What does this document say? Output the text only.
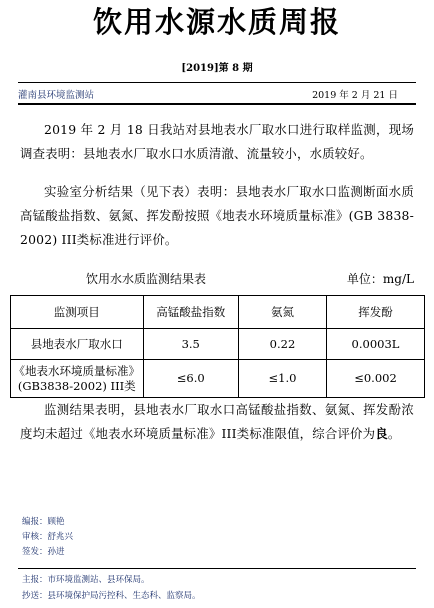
饮用水源水质周报
[2019]第 8 期
灌南县环境监测站	2019 年 2 月 21 日

2019 年 2 月 18 日我站对县地表水厂取水口进行取样监测，现场调查表明：县地表水厂取水口水质清澈、流量较小，水质较好。

实验室分析结果（见下表）表明：县地表水厂取水口监测断面水质高锰酸盐指数、氨氮、挥发酚按照《地表水环境质量标准》(GB 3838-2002) III类标准进行评价。

饮用水水质监测结果表	单位：mg/L
监测项目	高锰酸盐指数	氨氮	挥发酚
县地表水厂取水口	3.5	0.22	0.0003L
《地表水环境质量标准》(GB3838-2002) III类	≤6.0	≤1.0	≤0.002

监测结果表明，县地表水厂取水口高锰酸盐指数、氨氮、挥发酚浓度均未超过《地表水环境质量标准》III类标准限值，综合评价为良。

编报：顾艳
审核：舒兆兴
签发：孙进
主报：市环境监测站、县环保局。
抄送：县环境保护局污控科、生态科、监察局。
